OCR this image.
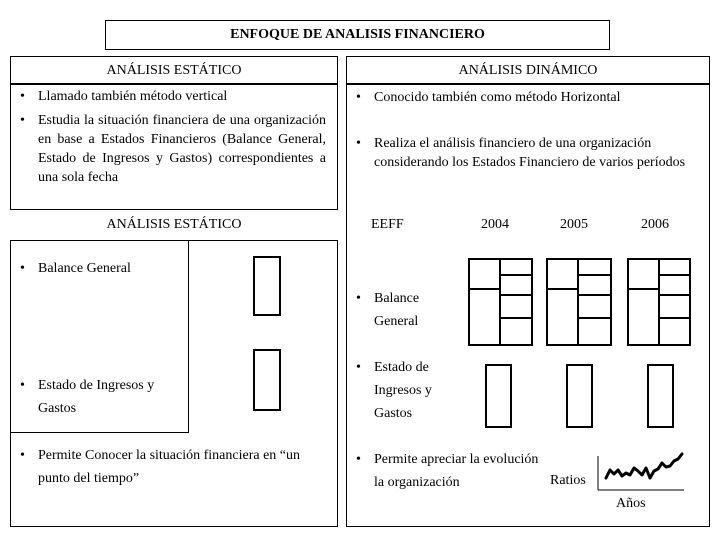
ENFOQUE DE ANALISIS FINANCIERO
ANÁLISIS ESTÁTICO
• Llamado también método vertical
• Estudia la situación financiera de una organización en base a Estados Financieros (Balance General, Estado de Ingresos y Gastos) correspondientes a una sola fecha
ANÁLISIS ESTÁTICO
• Balance General
• Estado de Ingresos y Gastos
• Permite Conocer la situación financiera en “un punto del tiempo”
ANÁLISIS DINÁMICO
• Conocido también como método Horizontal
• Realiza el análisis financiero de una organización considerando los Estados Financiero de varios períodos
EEFF	2004	2005	2006
• Balance General
• Estado de Ingresos y Gastos
• Permite apreciar la evolución la organización	Ratios
Años
